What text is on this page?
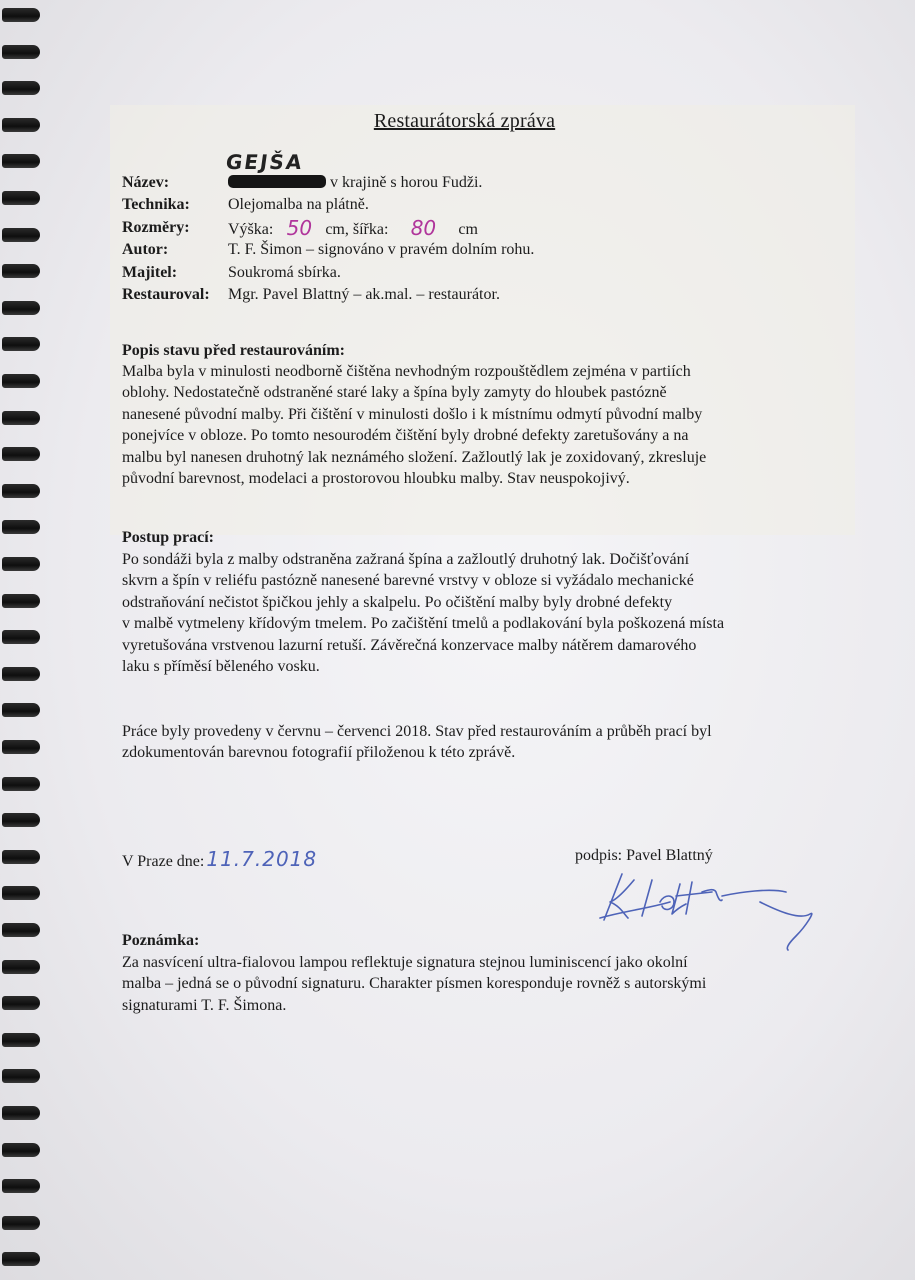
Restaurátorská zpráva
GEJŠA
Název:	v krajině s horou Fudži.
Technika:	Olejomalba na plátně.
Rozměry:	Výška: 50 cm, šířka: 80 cm
Autor:	T. F. Šimon – signováno v pravém dolním rohu.
Majitel:	Soukromá sbírka.
Restauroval:	Mgr. Pavel Blattný – ak.mal. – restaurátor.
Popis stavu před restaurováním:
Malba byla v minulosti neodborně čištěna nevhodným rozpouštědlem zejména v partiích
oblohy. Nedostatečně odstraněné staré laky a špína byly zamyty do hloubek pastózně
nanesené původní malby. Při čištění v minulosti došlo i k místnímu odmytí původní malby
ponejvíce v obloze. Po tomto nesourodém čištění byly drobné defekty zaretušovány a na
malbu byl nanesen druhotný lak neznámého složení. Zažloutlý lak je zoxidovaný, zkresluje
původní barevnost, modelaci a prostorovou hloubku malby. Stav neuspokojivý.
Postup prací:
Po sondáži byla z malby odstraněna zažraná špína a zažloutlý druhotný lak. Dočišťování
skvrn a špín v reliéfu pastózně nanesené barevné vrstvy v obloze si vyžádalo mechanické
odstraňování nečistot špičkou jehly a skalpelu. Po očištění malby byly drobné defekty
v malbě vytmeleny křídovým tmelem. Po začištění tmelů a podlakování byla poškozená místa
vyretušována vrstvenou lazurní retuší. Závěrečná konzervace malby nátěrem damarového
laku s příměsí běleného vosku.
Práce byly provedeny v červnu – červenci 2018. Stav před restaurováním a průběh prací byl
zdokumentován barevnou fotografií přiloženou k této zprávě.
V Praze dne: 11.7.2018	podpis: Pavel Blattný
Poznámka:
Za nasvícení ultra-fialovou lampou reflektuje signatura stejnou luminiscencí jako okolní
malba – jedná se o původní signaturu. Charakter písmen koresponduje rovněž s autorskými
signaturami T. F. Šimona.
